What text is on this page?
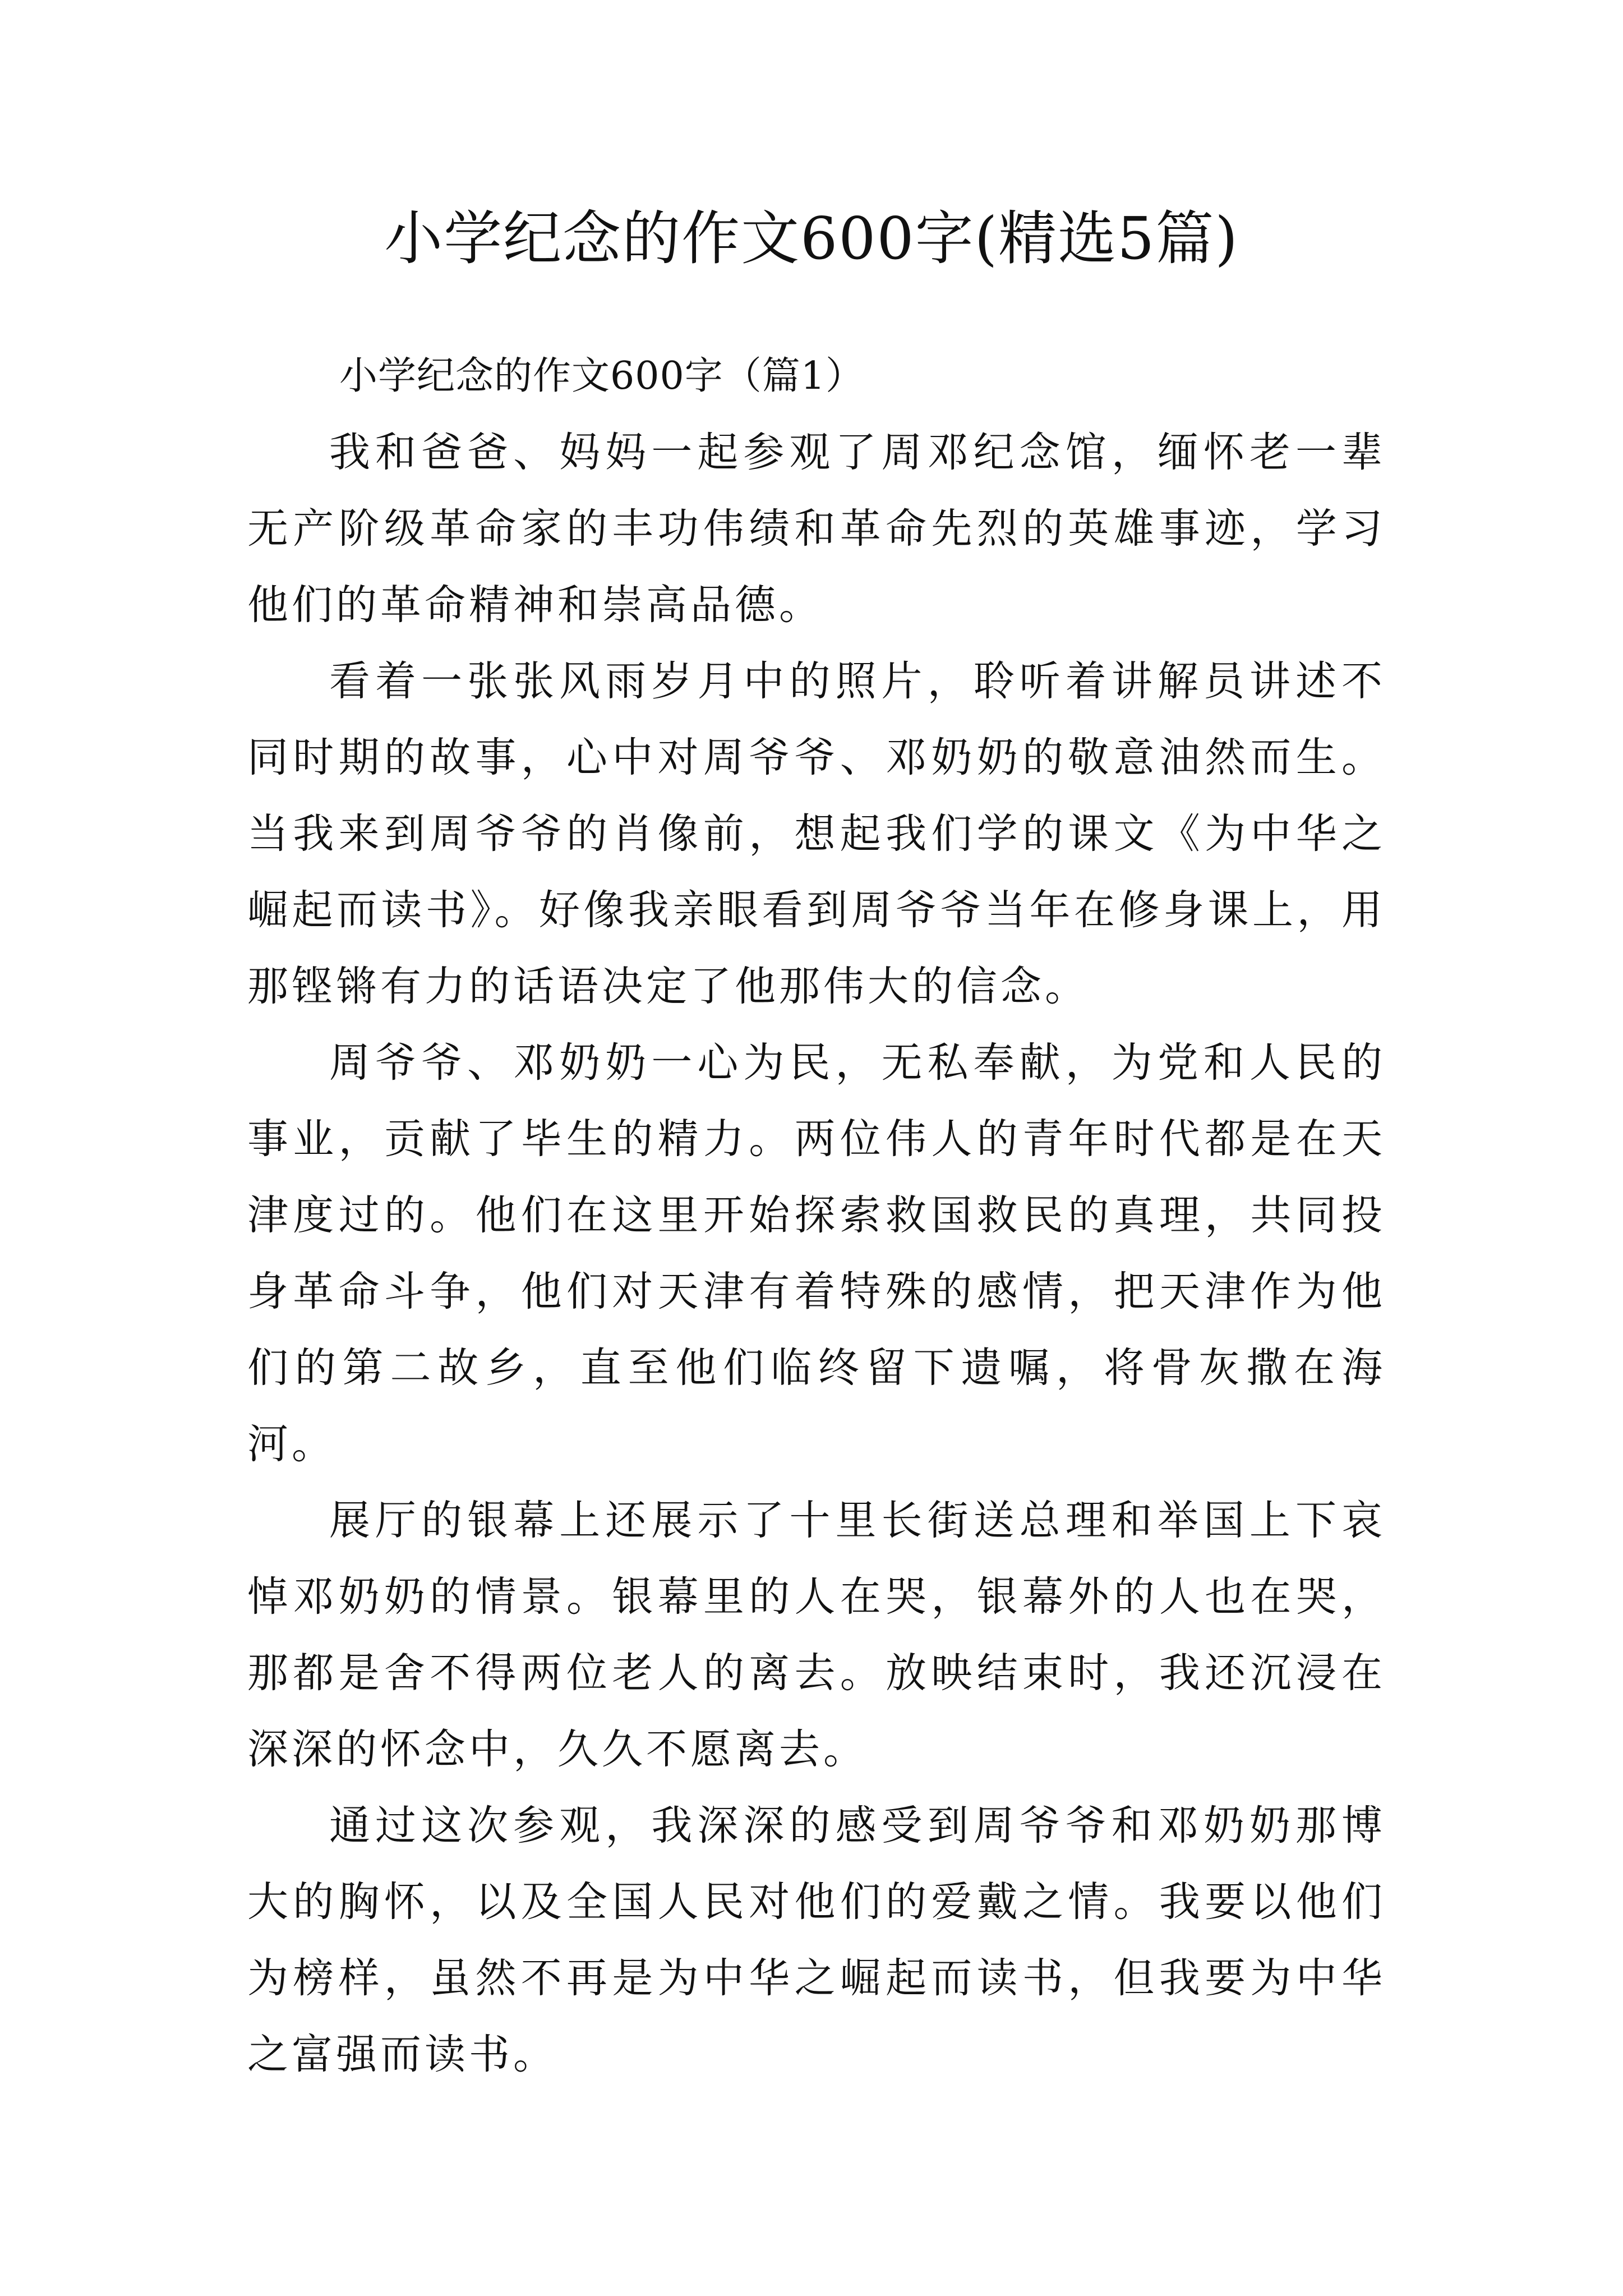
小学纪念的作文600字(精选5篇)
小学纪念的作文600字（篇1）

我和爸爸、妈妈一起参观了周邓纪念馆，缅怀老一辈无产阶级革命家的丰功伟绩和革命先烈的英雄事迹，学习他们的革命精神和崇高品德。

看着一张张风雨岁月中的照片，聆听着讲解员讲述不同时期的故事，心中对周爷爷、邓奶奶的敬意油然而生。当我来到周爷爷的肖像前，想起我们学的课文《为中华之崛起而读书》。好像我亲眼看到周爷爷当年在修身课上，用那铿锵有力的话语决定了他那伟大的信念。

周爷爷、邓奶奶一心为民，无私奉献，为党和人民的事业，贡献了毕生的精力。两位伟人的青年时代都是在天津度过的。他们在这里开始探索救国救民的真理，共同投身革命斗争，他们对天津有着特殊的感情，把天津作为他们的第二故乡，直至他们临终留下遗嘱，将骨灰撒在海河。

展厅的银幕上还展示了十里长街送总理和举国上下哀悼邓奶奶的情景。银幕里的人在哭，银幕外的人也在哭，那都是舍不得两位老人的离去。放映结束时，我还沉浸在深深的怀念中，久久不愿离去。

通过这次参观，我深深的感受到周爷爷和邓奶奶那博大的胸怀，以及全国人民对他们的爱戴之情。我要以他们为榜样，虽然不再是为中华之崛起而读书，但我要为中华之富强而读书。
